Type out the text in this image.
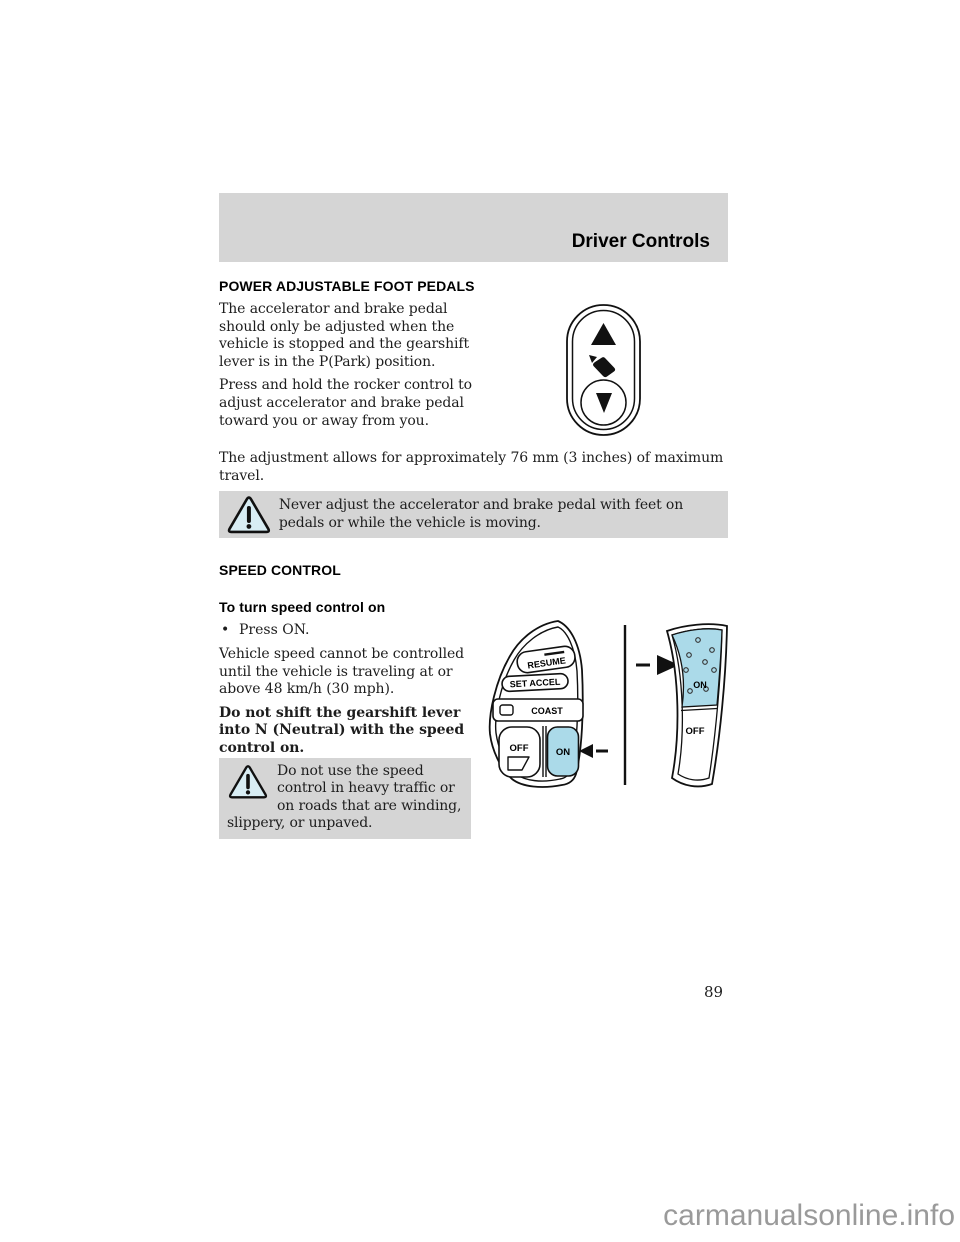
Driver Controls
POWER ADJUSTABLE FOOT PEDALS

The accelerator and brake pedal should only be adjusted when the vehicle is stopped and the gearshift lever is in the P(Park) position.

Press and hold the rocker control to adjust accelerator and brake pedal toward you or away from you.

The adjustment allows for approximately 76 mm (3 inches) of maximum travel.

Never adjust the accelerator and brake pedal with feet on pedals or while the vehicle is moving.
SPEED CONTROL
To turn speed control on
• Press ON.

Vehicle speed cannot be controlled until the vehicle is traveling at or above 48 km/h (30 mph).

Do not shift the gearshift lever into N (Neutral) with the speed control on.

Do not use the speed control in heavy traffic or on roads that are winding, slippery, or unpaved.
RESUME
SET ACCEL
COAST
OFF	ON
ON
OFF
89
carmanualsonline.info
